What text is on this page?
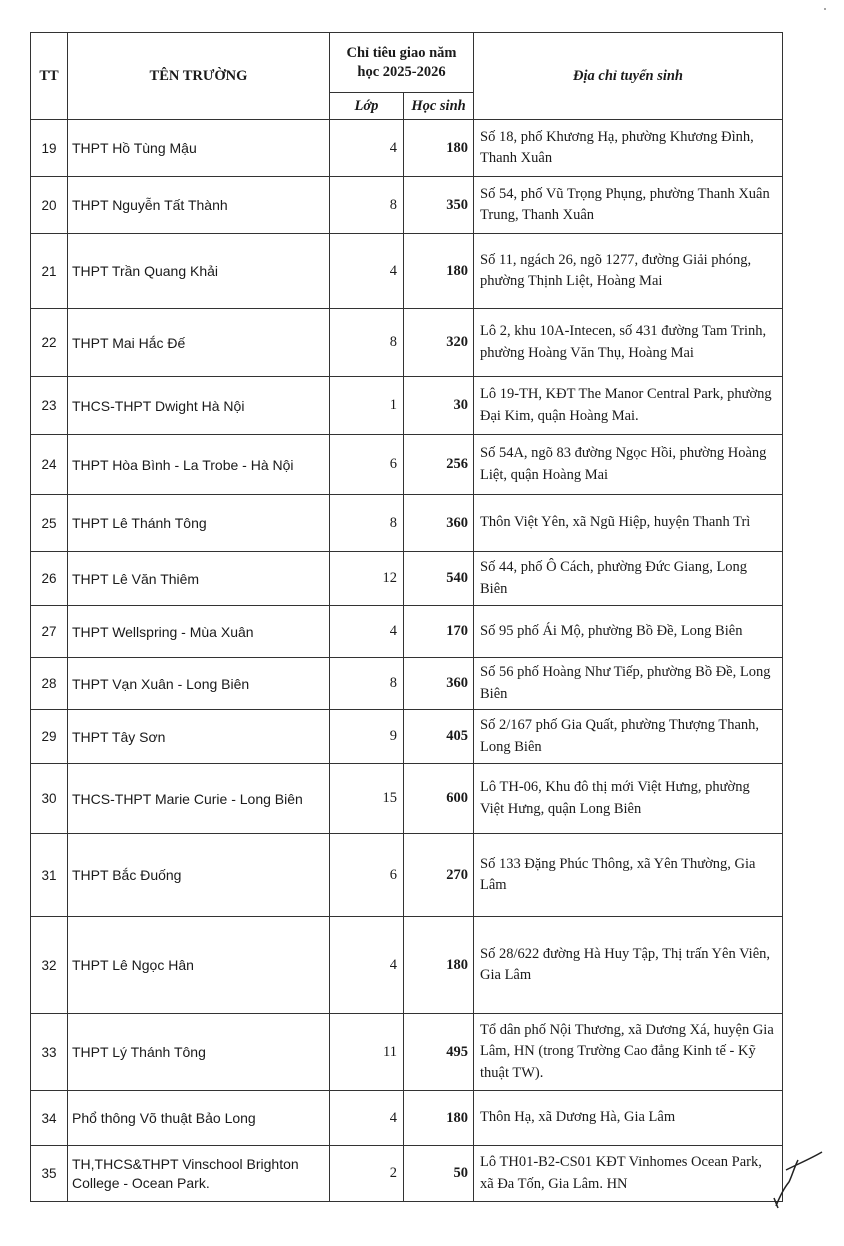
TT	TÊN TRƯỜNG	Chỉ tiêu giao năm học 2025-2026		Địa chỉ tuyển sinh
		Lớp	Học sinh	
19	THPT Hồ Tùng Mậu	4	180	Số 18, phố Khương Hạ, phường Khương Đình, Thanh Xuân
20	THPT Nguyễn Tất Thành	8	350	Số 54, phố Vũ Trọng Phụng, phường Thanh Xuân Trung, Thanh Xuân
21	THPT Trần Quang Khải	4	180	Số 11, ngách 26, ngõ 1277, đường Giải phóng, phường Thịnh Liệt, Hoàng Mai
22	THPT Mai Hắc Đế	8	320	Lô 2, khu 10A-Intecen, số 431 đường Tam Trinh, phường Hoàng Văn Thụ, Hoàng Mai
23	THCS-THPT Dwight Hà Nội	1	30	Lô 19-TH, KĐT The Manor Central Park, phường Đại Kim, quận Hoàng Mai.
24	THPT Hòa Bình - La Trobe - Hà Nội	6	256	Số 54A, ngõ 83 đường Ngọc Hồi, phường Hoàng Liệt, quận Hoàng Mai
25	THPT Lê Thánh Tông	8	360	Thôn Việt Yên, xã Ngũ Hiệp, huyện Thanh Trì
26	THPT Lê Văn Thiêm	12	540	Số 44, phố Ô Cách, phường Đức Giang, Long Biên
27	THPT Wellspring - Mùa Xuân	4	170	Số 95 phố Ái Mộ, phường Bồ Đề, Long Biên
28	THPT Vạn Xuân - Long Biên	8	360	Số 56 phố Hoàng Như Tiếp, phường Bồ Đề, Long Biên
29	THPT Tây Sơn	9	405	Số 2/167 phố Gia Quất, phường Thượng Thanh, Long Biên
30	THCS-THPT Marie Curie - Long Biên	15	600	Lô TH-06, Khu đô thị mới Việt Hưng, phường Việt Hưng, quận Long Biên
31	THPT Bắc Đuống	6	270	Số 133 Đặng Phúc Thông, xã Yên Thường, Gia Lâm
32	THPT Lê Ngọc Hân	4	180	Số 28/622 đường Hà Huy Tập, Thị trấn Yên Viên, Gia Lâm
33	THPT Lý Thánh Tông	11	495	Tổ dân phố Nội Thương, xã Dương Xá, huyện Gia Lâm, HN (trong Trường Cao đẳng Kinh tế - Kỹ thuật TW).
34	Phổ thông Võ thuật Bảo Long	4	180	Thôn Hạ, xã Dương Hà, Gia Lâm
35	TH,THCS&THPT Vinschool Brighton College - Ocean Park.	2	50	Lô TH01-B2-CS01 KĐT Vinhomes Ocean Park, xã Đa Tốn, Gia Lâm. HN
